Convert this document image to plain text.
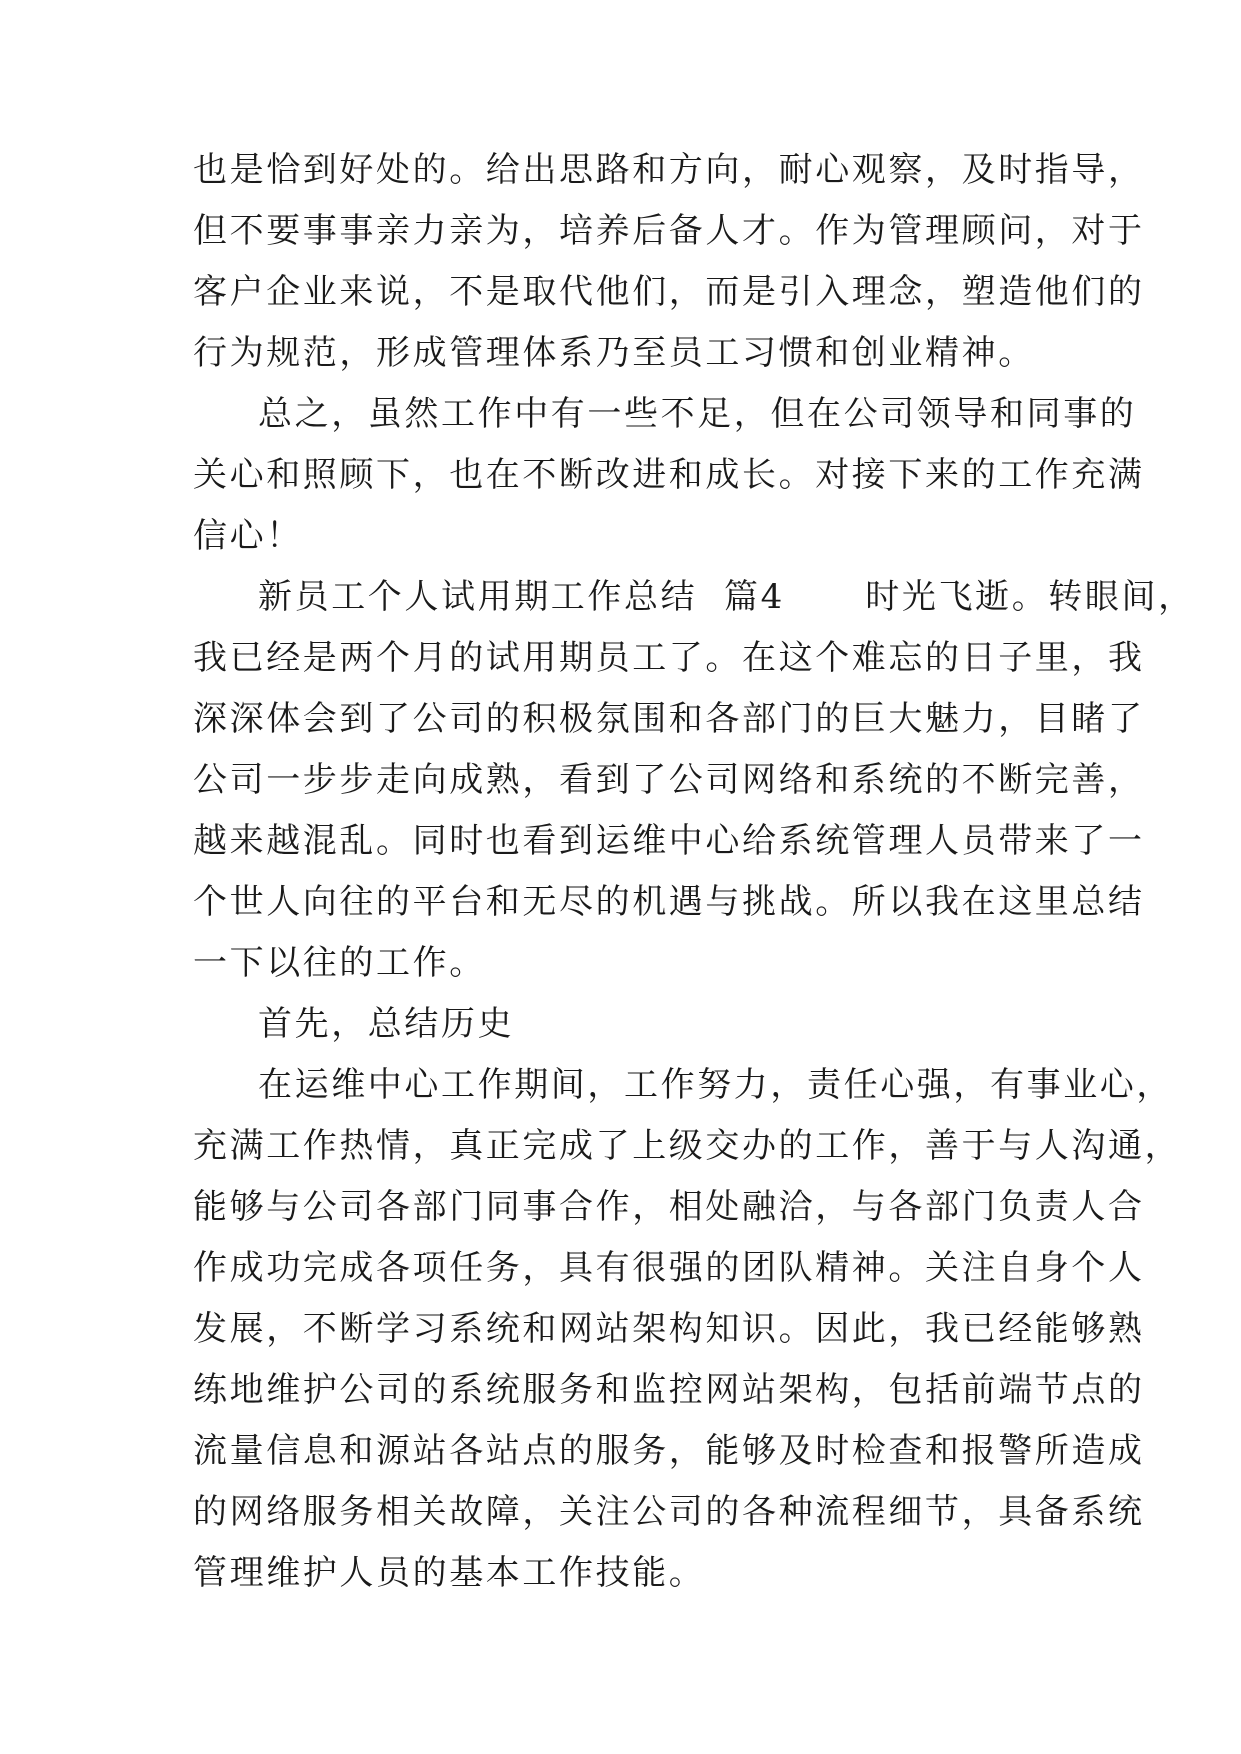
也是恰到好处的。给出思路和方向，耐心观察，及时指导，
但不要事事亲力亲为，培养后备人才。作为管理顾问，对于
客户企业来说，不是取代他们，而是引入理念，塑造他们的
行为规范，形成管理体系乃至员工习惯和创业精神。
总之，虽然工作中有一些不足，但在公司领导和同事的
关心和照顾下，也在不断改进和成长。对接下来的工作充满
信心！
新员工个人试用期工作总结  篇4      时光飞逝。转眼间，
我已经是两个月的试用期员工了。在这个难忘的日子里，我
深深体会到了公司的积极氛围和各部门的巨大魅力，目睹了
公司一步步走向成熟，看到了公司网络和系统的不断完善，
越来越混乱。同时也看到运维中心给系统管理人员带来了一
个世人向往的平台和无尽的机遇与挑战。所以我在这里总结
一下以往的工作。
首先，总结历史
在运维中心工作期间，工作努力，责任心强，有事业心，
充满工作热情，真正完成了上级交办的工作，善于与人沟通，
能够与公司各部门同事合作，相处融洽，与各部门负责人合
作成功完成各项任务，具有很强的团队精神。关注自身个人
发展，不断学习系统和网站架构知识。因此，我已经能够熟
练地维护公司的系统服务和监控网站架构，包括前端节点的
流量信息和源站各站点的服务，能够及时检查和报警所造成
的网络服务相关故障，关注公司的各种流程细节，具备系统
管理维护人员的基本工作技能。
